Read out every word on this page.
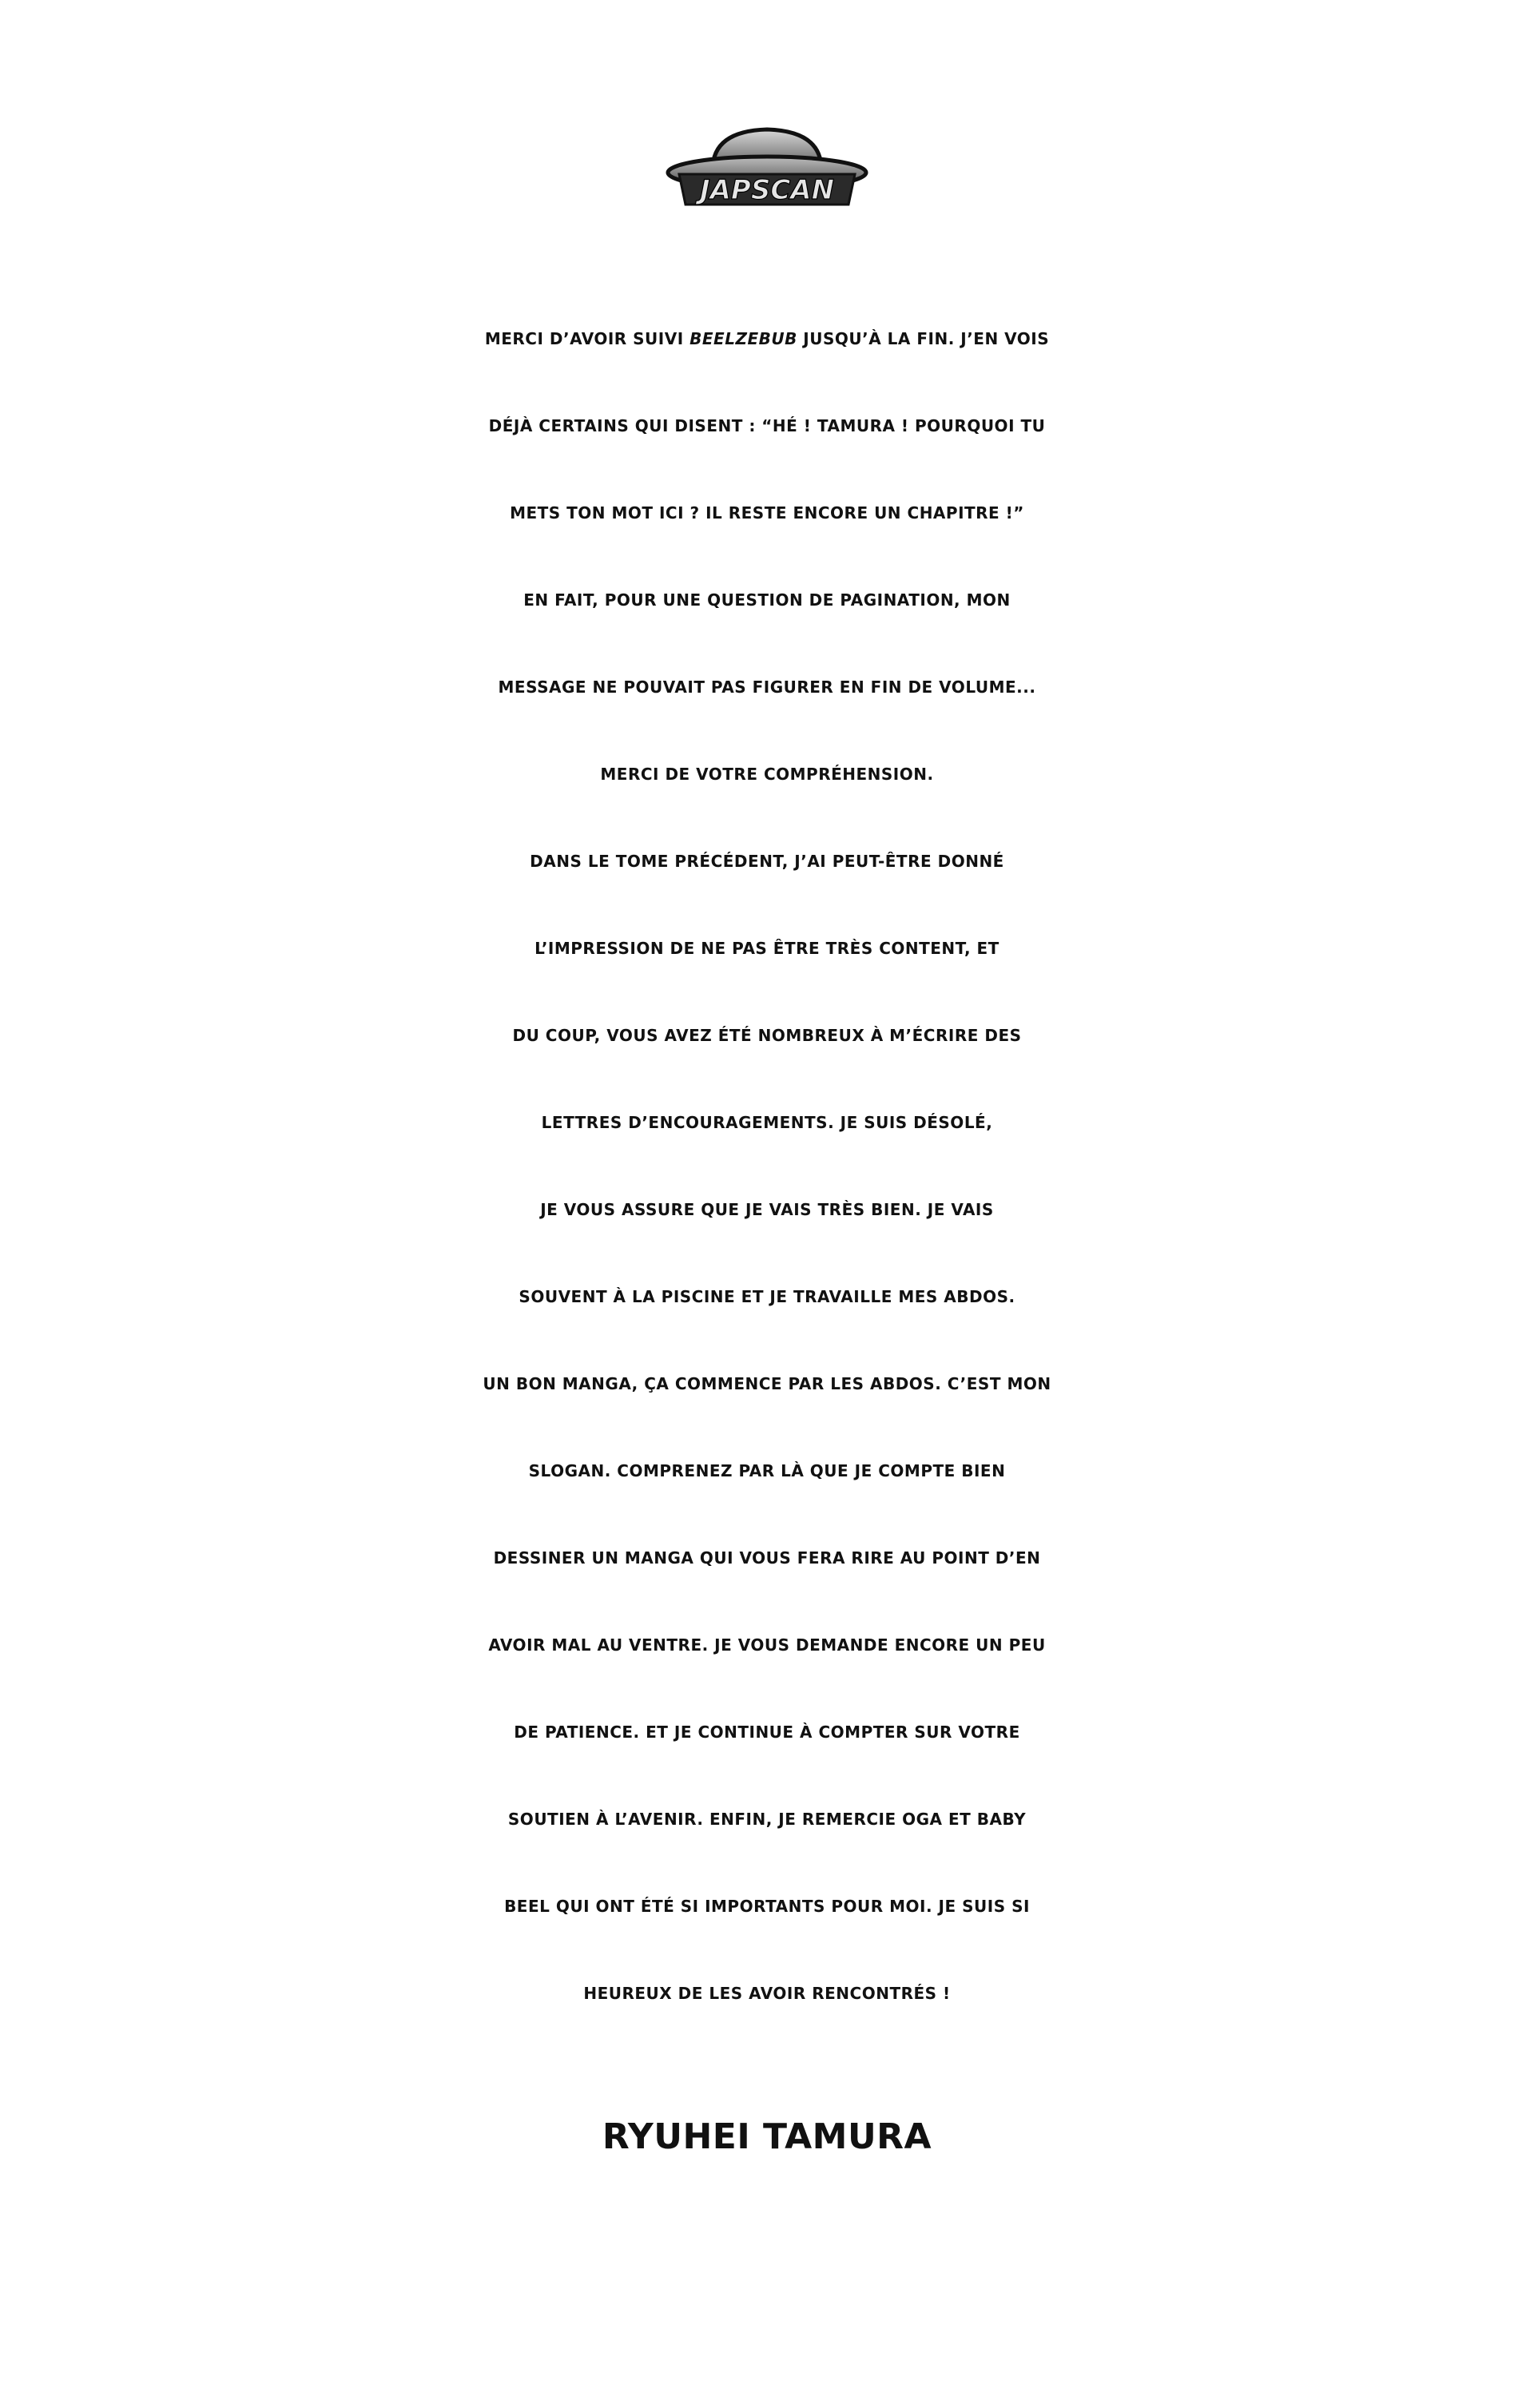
JAPSCAN
MERCI D’AVOIR SUIVI BEELZEBUB JUSQU’À LA FIN. J’EN VOIS
DÉJÀ CERTAINS QUI DISENT : “HÉ ! TAMURA ! POURQUOI TU
METS TON MOT ICI ? IL RESTE ENCORE UN CHAPITRE !”
EN FAIT, POUR UNE QUESTION DE PAGINATION, MON
MESSAGE NE POUVAIT PAS FIGURER EN FIN DE VOLUME...
MERCI DE VOTRE COMPRÉHENSION.
DANS LE TOME PRÉCÉDENT, J’AI PEUT-ÊTRE DONNÉ
L’IMPRESSION DE NE PAS ÊTRE TRÈS CONTENT, ET
DU COUP, VOUS AVEZ ÉTÉ NOMBREUX À M’ÉCRIRE DES
LETTRES D’ENCOURAGEMENTS. JE SUIS DÉSOLÉ,
JE VOUS ASSURE QUE JE VAIS TRÈS BIEN. JE VAIS
SOUVENT À LA PISCINE ET JE TRAVAILLE MES ABDOS.
UN BON MANGA, ÇA COMMENCE PAR LES ABDOS. C’EST MON
SLOGAN. COMPRENEZ PAR LÀ QUE JE COMPTE BIEN
DESSINER UN MANGA QUI VOUS FERA RIRE AU POINT D’EN
AVOIR MAL AU VENTRE. JE VOUS DEMANDE ENCORE UN PEU
DE PATIENCE. ET JE CONTINUE À COMPTER SUR VOTRE
SOUTIEN À L’AVENIR. ENFIN, JE REMERCIE OGA ET BABY
BEEL QUI ONT ÉTÉ SI IMPORTANTS POUR MOI. JE SUIS SI
HEUREUX DE LES AVOIR RENCONTRÉS !
RYUHEI TAMURA
